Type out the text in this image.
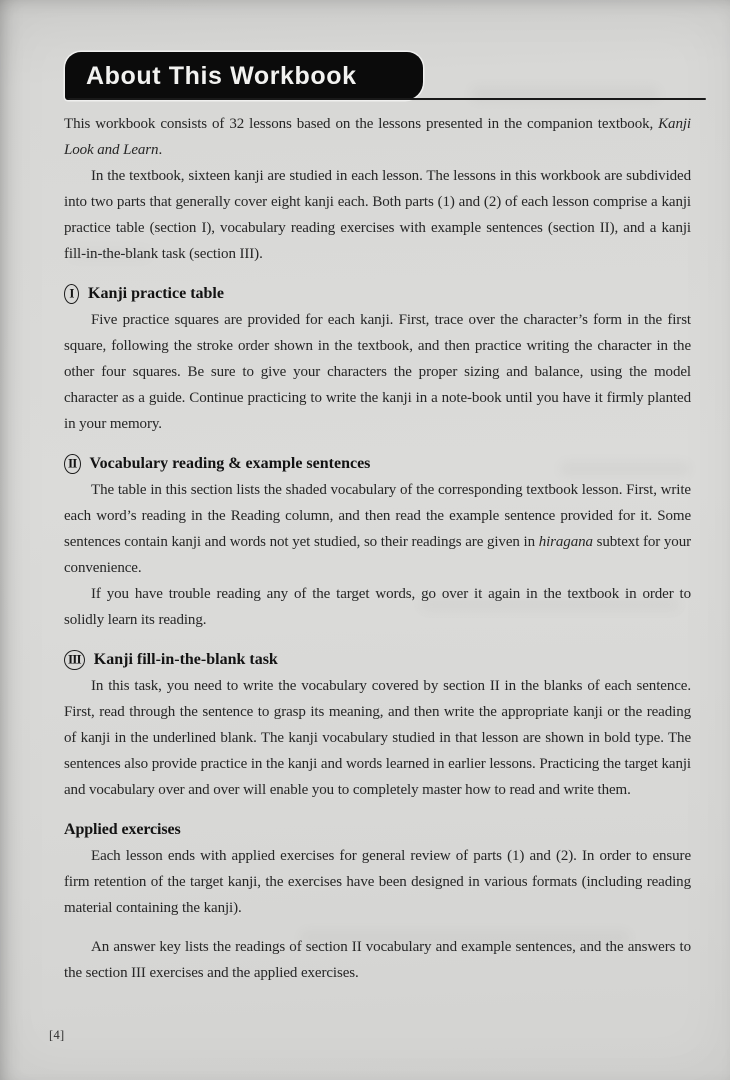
About This Workbook

This workbook consists of 32 lessons based on the lessons presented in the companion textbook, Kanji Look and Learn.

In the textbook, sixteen kanji are studied in each lesson. The lessons in this workbook are subdivided into two parts that generally cover eight kanji each. Both parts (1) and (2) of each lesson comprise a kanji practice table (section I), vocabulary reading exercises with example sentences (section II), and a kanji fill-in-the-blank task (section III).

I Kanji practice table

Five practice squares are provided for each kanji. First, trace over the character’s form in the first square, following the stroke order shown in the textbook, and then practice writing the character in the other four squares. Be sure to give your characters the proper sizing and balance, using the model character as a guide. Continue practicing to write the kanji in a note-book until you have it firmly planted in your memory.

II Vocabulary reading & example sentences

The table in this section lists the shaded vocabulary of the corresponding textbook lesson. First, write each word’s reading in the Reading column, and then read the example sentence provided for it. Some sentences contain kanji and words not yet studied, so their readings are given in hiragana subtext for your convenience.

If you have trouble reading any of the target words, go over it again in the textbook in order to solidly learn its reading.

III Kanji fill-in-the-blank task

In this task, you need to write the vocabulary covered by section II in the blanks of each sentence. First, read through the sentence to grasp its meaning, and then write the appropriate kanji or the reading of kanji in the underlined blank. The kanji vocabulary studied in that lesson are shown in bold type. The sentences also provide practice in the kanji and words learned in earlier lessons. Practicing the target kanji and vocabulary over and over will enable you to completely master how to read and write them.

Applied exercises

Each lesson ends with applied exercises for general review of parts (1) and (2). In order to ensure firm retention of the target kanji, the exercises have been designed in various formats (including reading material containing the kanji).

An answer key lists the readings of section II vocabulary and example sentences, and the answers to the section III exercises and the applied exercises.

[4]
